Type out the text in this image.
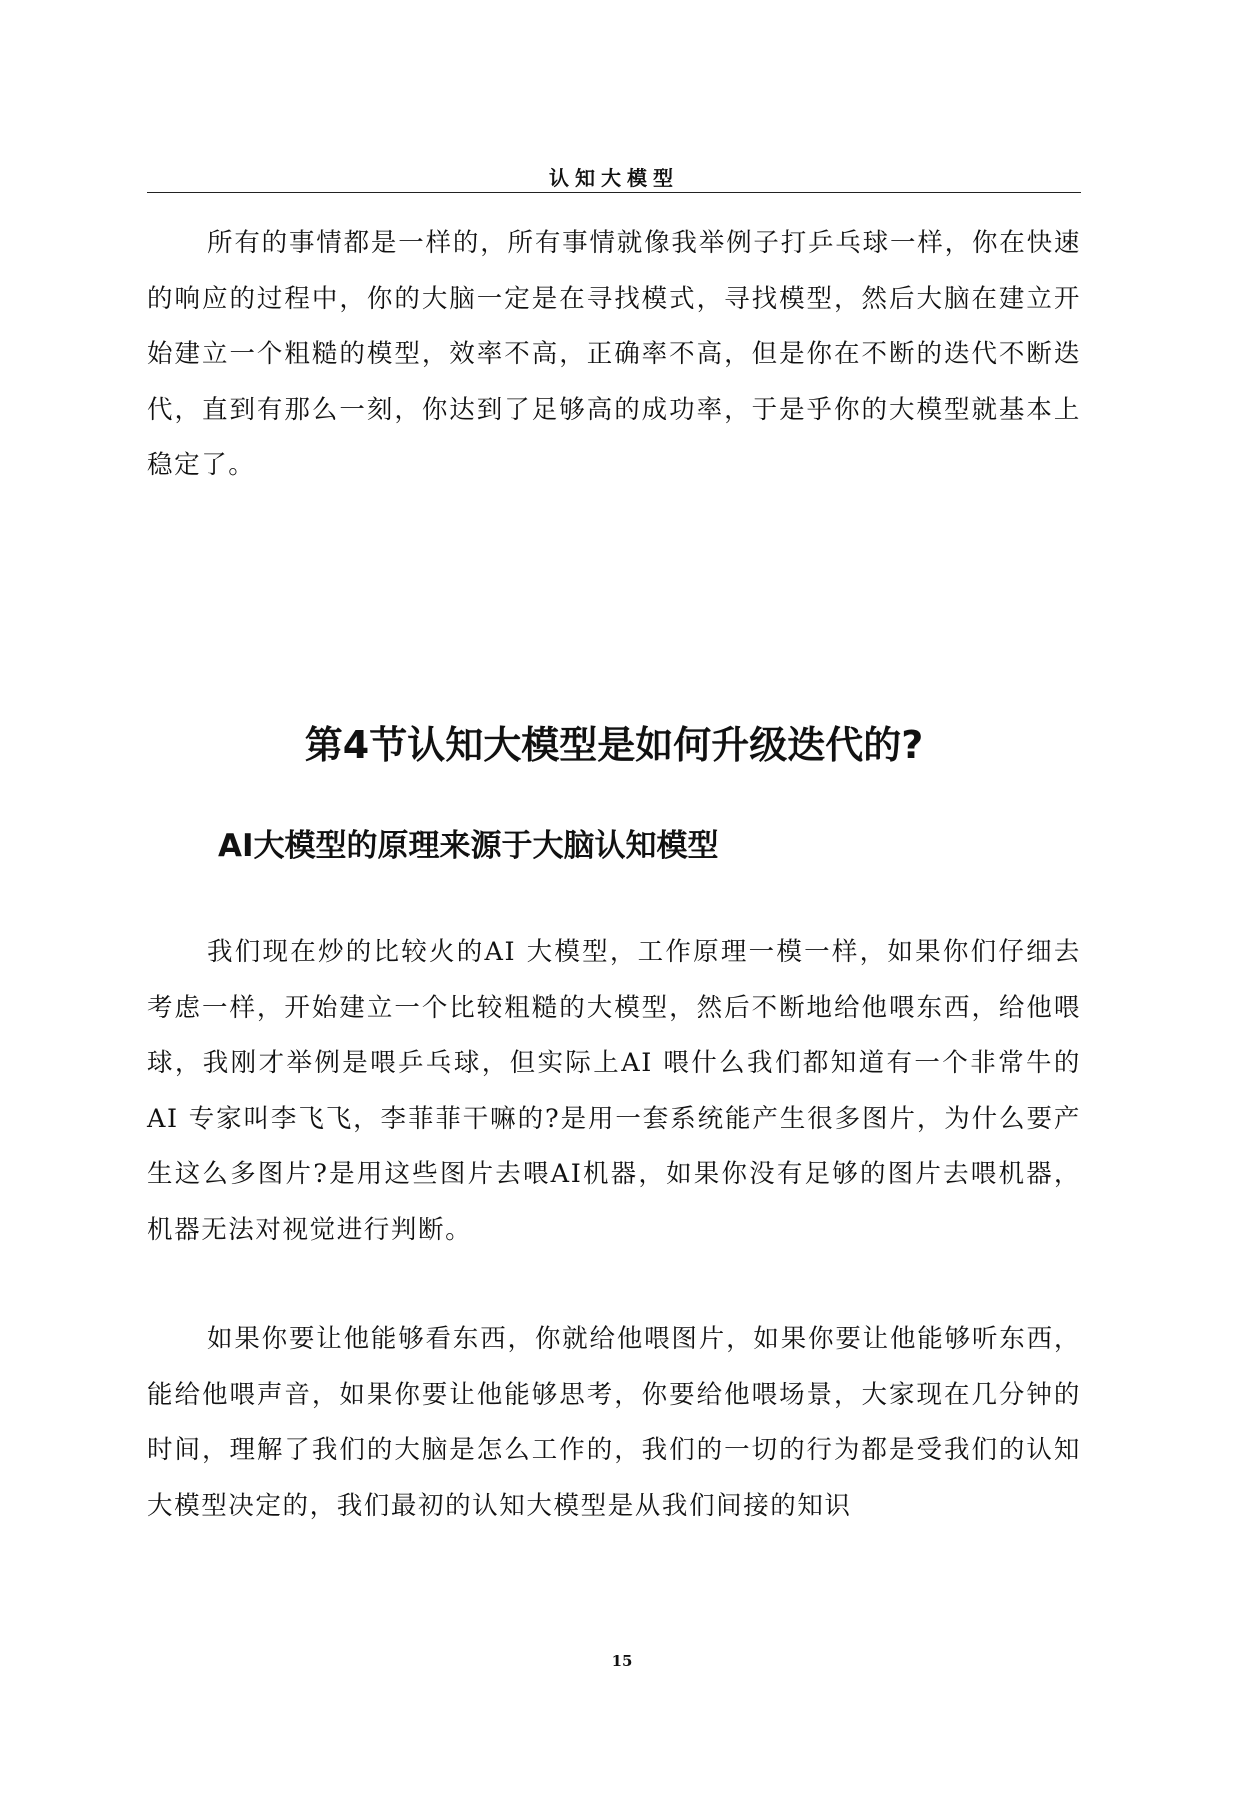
认知大模型

所有的事情都是一样的，所有事情就像我举例子打乒乓球一样，你在快速的响应的过程中，你的大脑一定是在寻找模式，寻找模型，然后大脑在建立开始建立一个粗糙的模型，效率不高，正确率不高，但是你在不断的迭代不断迭代，直到有那么一刻，你达到了足够高的成功率，于是乎你的大模型就基本上稳定了。

第4节认知大模型是如何升级迭代的?
AI大模型的原理来源于大脑认知模型

我们现在炒的比较火的AI 大模型，工作原理一模一样，如果你们仔细去考虑一样，开始建立一个比较粗糙的大模型，然后不断地给他喂东西，给他喂球，我刚才举例是喂乒乓球，但实际上AI 喂什么我们都知道有一个非常牛的AI 专家叫李飞飞，李菲菲干嘛的?是用一套系统能产生很多图片，为什么要产生这么多图片?是用这些图片去喂AI机器，如果你没有足够的图片去喂机器，机器无法对视觉进行判断。

如果你要让他能够看东西，你就给他喂图片，如果你要让他能够听东西，能给他喂声音，如果你要让他能够思考，你要给他喂场景，大家现在几分钟的时间，理解了我们的大脑是怎么工作的，我们的一切的行为都是受我们的认知大模型决定的，我们最初的认知大模型是从我们间接的知识

15
